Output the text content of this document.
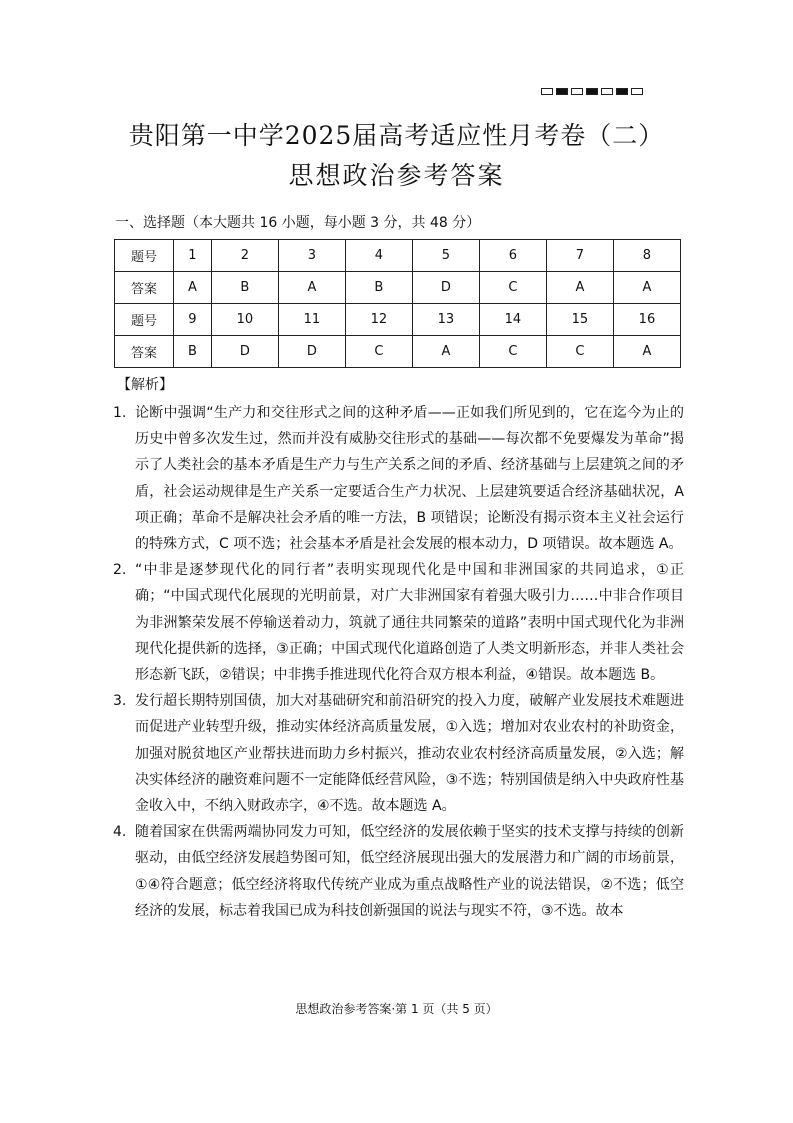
贵阳第一中学2025届高考适应性月考卷（二）
思想政治参考答案
一、选择题（本大题共 16 小题，每小题 3 分，共 48 分）
题号	1	2	3	4	5	6	7	8
答案	A	B	A	B	D	C	A	A
题号	9	10	11	12	13	14	15	16
答案	B	D	D	C	A	C	C	A
【解析】
1. 论断中强调“生产力和交往形式之间的这种矛盾——正如我们所见到的，它在迄今为止的历史中曾多次发生过，然而并没有威胁交往形式的基础——每次都不免要爆发为革命”揭示了人类社会的基本矛盾是生产力与生产关系之间的矛盾、经济基础与上层建筑之间的矛盾，社会运动规律是生产关系一定要适合生产力状况、上层建筑要适合经济基础状况，A 项正确；革命不是解决社会矛盾的唯一方法，B 项错误；论断没有揭示资本主义社会运行的特殊方式，C 项不选；社会基本矛盾是社会发展的根本动力，D 项错误。故本题选 A。
2. “中非是逐梦现代化的同行者”表明实现现代化是中国和非洲国家的共同追求，①正确；“中国式现代化展现的光明前景，对广大非洲国家有着强大吸引力……中非合作项目为非洲繁荣发展不停输送着动力，筑就了通往共同繁荣的道路”表明中国式现代化为非洲现代化提供新的选择，③正确；中国式现代化道路创造了人类文明新形态，并非人类社会形态新飞跃，②错误；中非携手推进现代化符合双方根本利益，④错误。故本题选 B。
3. 发行超长期特别国债，加大对基础研究和前沿研究的投入力度，破解产业发展技术难题进而促进产业转型升级，推动实体经济高质量发展，①入选；增加对农业农村的补助资金，加强对脱贫地区产业帮扶进而助力乡村振兴，推动农业农村经济高质量发展，②入选；解决实体经济的融资难问题不一定能降低经营风险，③不选；特别国债是纳入中央政府性基金收入中，不纳入财政赤字，④不选。故本题选 A。
4. 随着国家在供需两端协同发力可知，低空经济的发展依赖于坚实的技术支撑与持续的创新驱动，由低空经济发展趋势图可知，低空经济展现出强大的发展潜力和广阔的市场前景，①④符合题意；低空经济将取代传统产业成为重点战略性产业的说法错误，②不选；低空经济的发展，标志着我国已成为科技创新强国的说法与现实不符，③不选。故本
思想政治参考答案·第 1 页（共 5 页）
